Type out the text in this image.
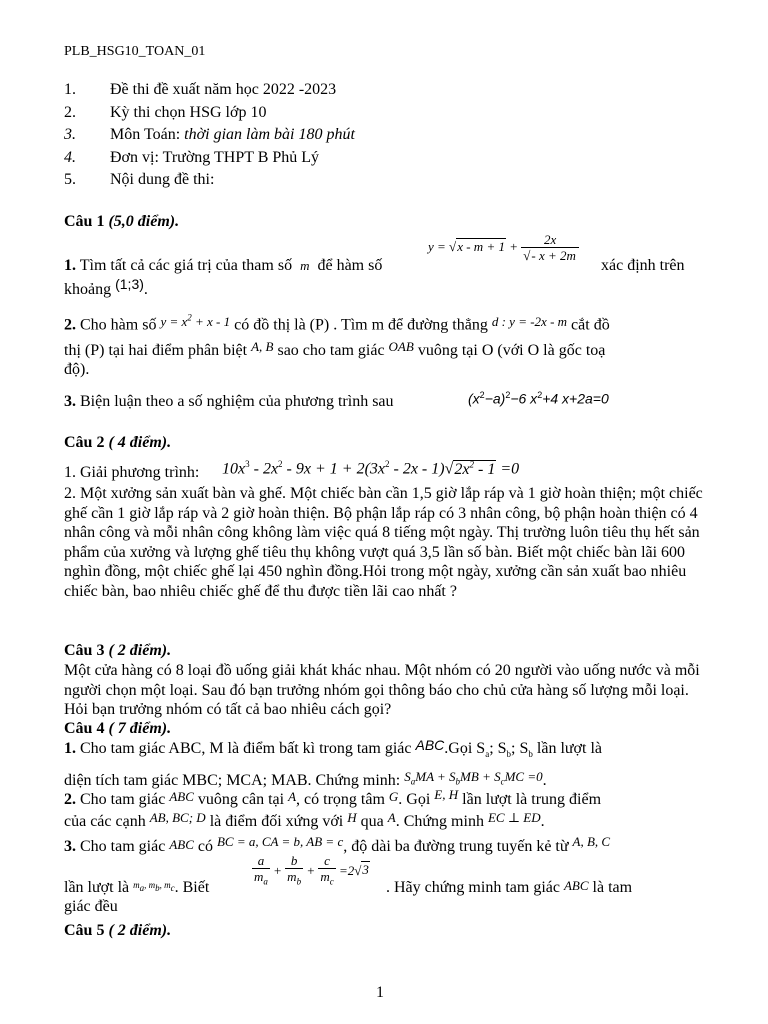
PLB_HSG10_TOAN_01
1.	Đề thi đề xuất năm học 2022 -2023
2.	Kỳ thi chọn HSG lớp 10
3.	Môn Toán: thời gian làm bài 180 phút
4.	Đơn vị: Trường THPT B Phủ Lý
5.	Nội dung đề thi:
Câu 1 (5,0 điểm).
$y = √x - m + 1 + \frac{2x}{√- x + 2m}$
1. Tìm tất cả các giá trị của tham số m để hàm số	xác định trên
khoảng (1;3).
2. Cho hàm số $y = x^2 + x - 1$ có đồ thị là (P) . Tìm m để đường thẳng d : y = -2x - m cắt đồ
thị (P) tại hai điểm phân biệt $^{A, B}$ sao cho tam giác $^{OAB}$ vuông tại O (với O là gốc toạ
độ).
3. Biện luận theo a số nghiệm của phương trình sau	$(x^2-a)^2-6$ $x^2+4$ x+2a=0
Câu 2 ( 4 điểm).
1. Giải phương trình:	$10x^3 - 2x^2 - 9x + 1 + 2(3x^2 - 2x - 1)√2x^2 - 1 =0$
2. Một xưởng sản xuất bàn và ghế. Một chiếc bàn cần 1,5 giờ lắp ráp và 1 giờ hoàn thiện; một chiếc ghế cần 1 giờ lắp ráp và 2 giờ hoàn thiện. Bộ phận lắp ráp có 3 nhân công, bộ phận hoàn thiện có 4 nhân công và mỗi nhân công không làm việc quá 8 tiếng một ngày. Thị trường luôn tiêu thụ hết sản phẩm của xưởng và lượng ghế tiêu thụ không vượt quá 3,5 lần số bàn. Biết một chiếc bàn lãi 600 nghìn đồng, một chiếc ghế lại 450 nghìn đồng.Hỏi trong một ngày, xưởng cần sản xuất bao nhiêu chiếc bàn, bao nhiêu chiếc ghế để thu được tiền lãi cao nhất ?
Câu 3 ( 2 điểm).
Một cửa hàng có 8 loại đồ uống giải khát khác nhau. Một nhóm có 20 người vào uống nước và mỗi người chọn một loại. Sau đó bạn trưởng nhóm gọi thông báo cho chủ cửa hàng số lượng mỗi loại. Hỏi bạn trưởng nhóm có tất cả bao nhiêu cách gọi?
Câu 4 ( 7 điểm).
1. Cho tam giác ABC, M là điểm bất kì trong tam giác ABC.Gọi $S_a$; $S_b$; $S_b$ lần lượt là
diện tích tam giác MBC; MCA; MAB. Chứng minh: $^{S_aMA + S_bMB + S_cMC =0}$.
2. Cho tam giác ABC vuông cân tại A, có trọng tâm G. Gọi $^{E, H}$ lần lượt là trung điểm
của các cạnh $^{AB, BC; D}$ là điểm đối xứng với $^H$ qua $^A$. Chứng minh $^{EC \perp ED}$.
3. Cho tam giác ABC có $^{BC = a, CA = b, AB = c}$, độ dài ba đường trung tuyến kẻ từ $^{A, B, C}$
lần lượt là $^{m_a, m_b, m_c}$. Biết	$\frac{a}{m_a} + \frac{b}{m_b} + \frac{c}{m_c} =2√3$
. Hãy chứng minh tam giác ABC là tam
giác đều
Câu 5 ( 2 điểm).
1
